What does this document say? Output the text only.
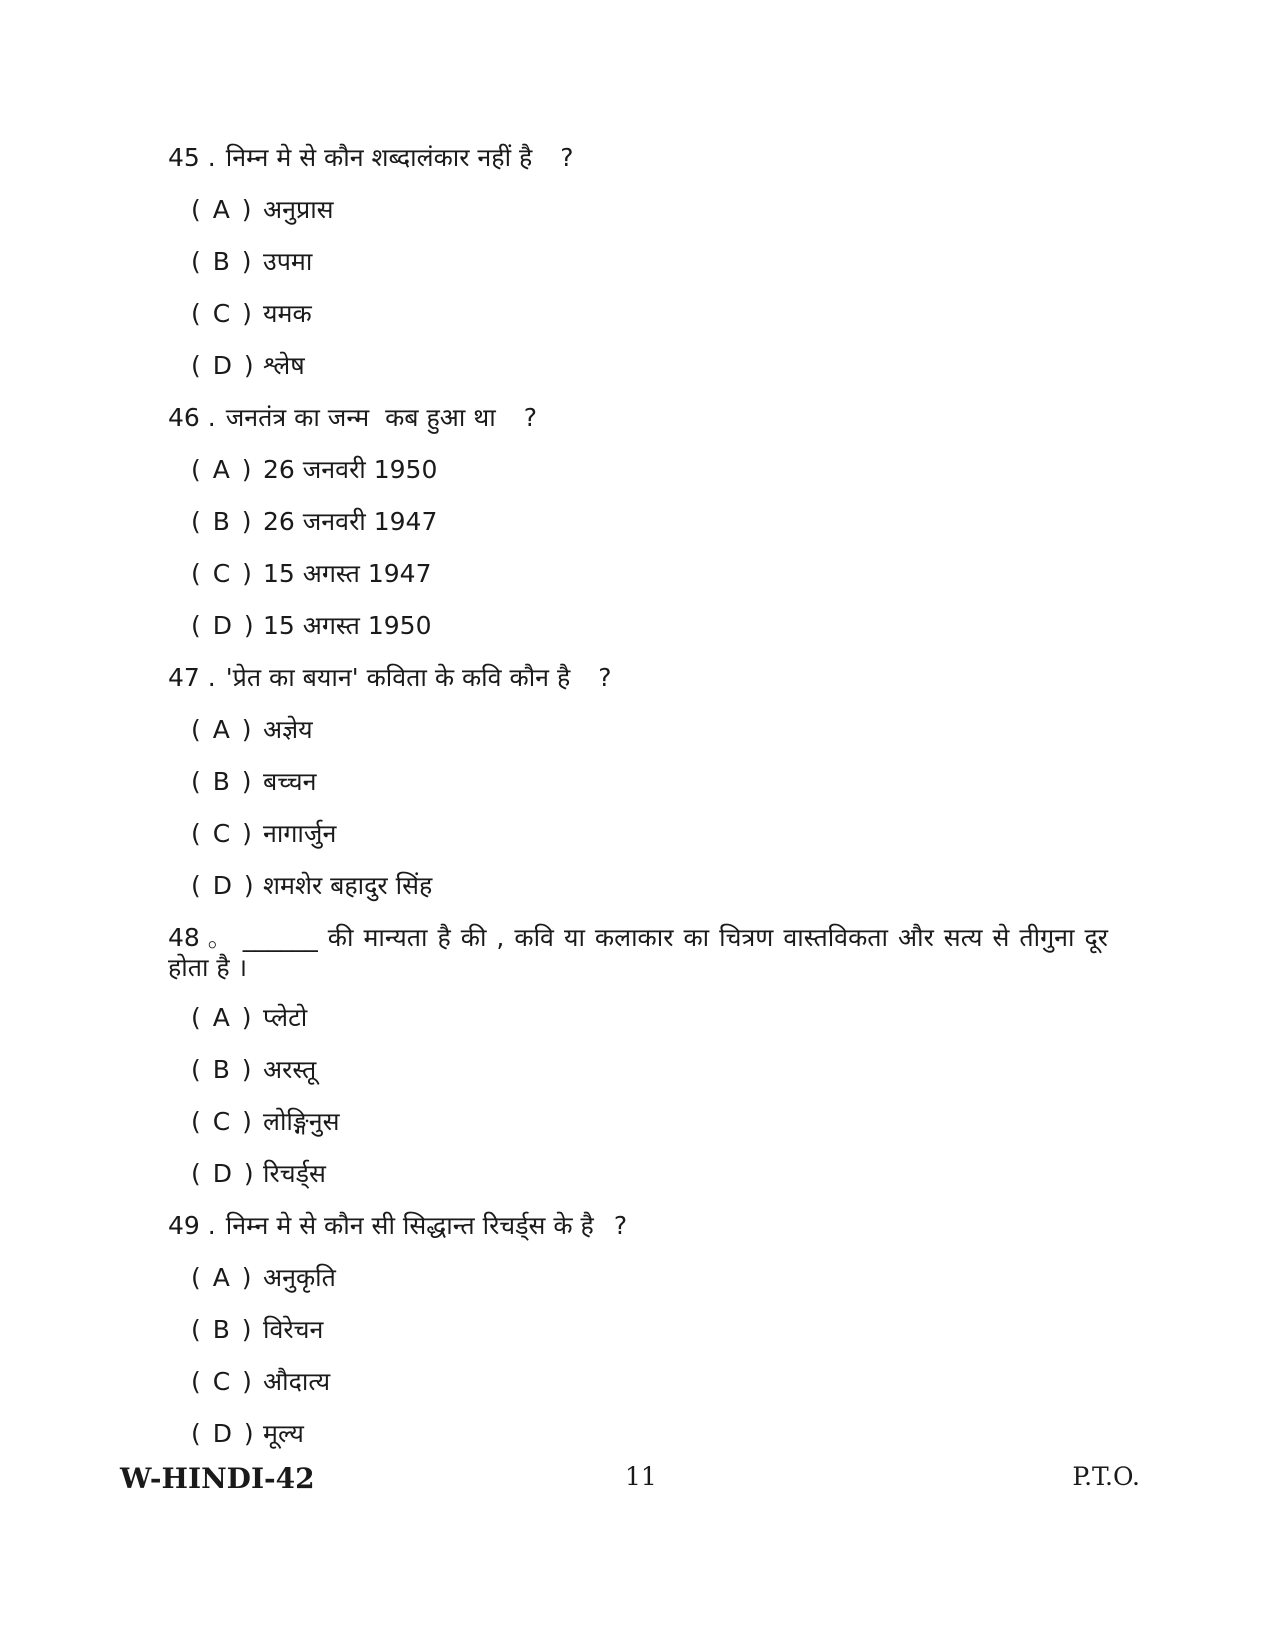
45 . निम्न मे से कौन शब्दालंकार नहीं है ?
( A ) अनुप्रास
( B ) उपमा
( C ) यमक
( D ) श्लेष
46 . जनतंत्र का जन्म  कब हुआ था ?
( A ) 26 जनवरी 1950
( B ) 26 जनवरी 1947
( C ) 15 अगस्त 1947
( D ) 15 अगस्त 1950
47 . 'प्रेत का बयान' कविता के कवि कौन है ?
( A ) अज्ञेय
( B ) बच्चन
( C ) नागार्जुन
( D ) शमशेर बहादुर सिंह
48 。 ______ की मान्यता है की , कवि या कलाकार का चित्रण वास्तविकता और सत्य से तीगुना दूर होता है ।
( A ) प्लेटो
( B ) अरस्तू
( C ) लोङ्गिनुस
( D ) रिचर्ड्स
49 . निम्न मे से कौन सी सिद्धान्त रिचर्ड्स के है ?
( A ) अनुकृति
( B ) विरेचन
( C ) औदात्य
( D ) मूल्य
W-HINDI-42	11	P.T.O.
